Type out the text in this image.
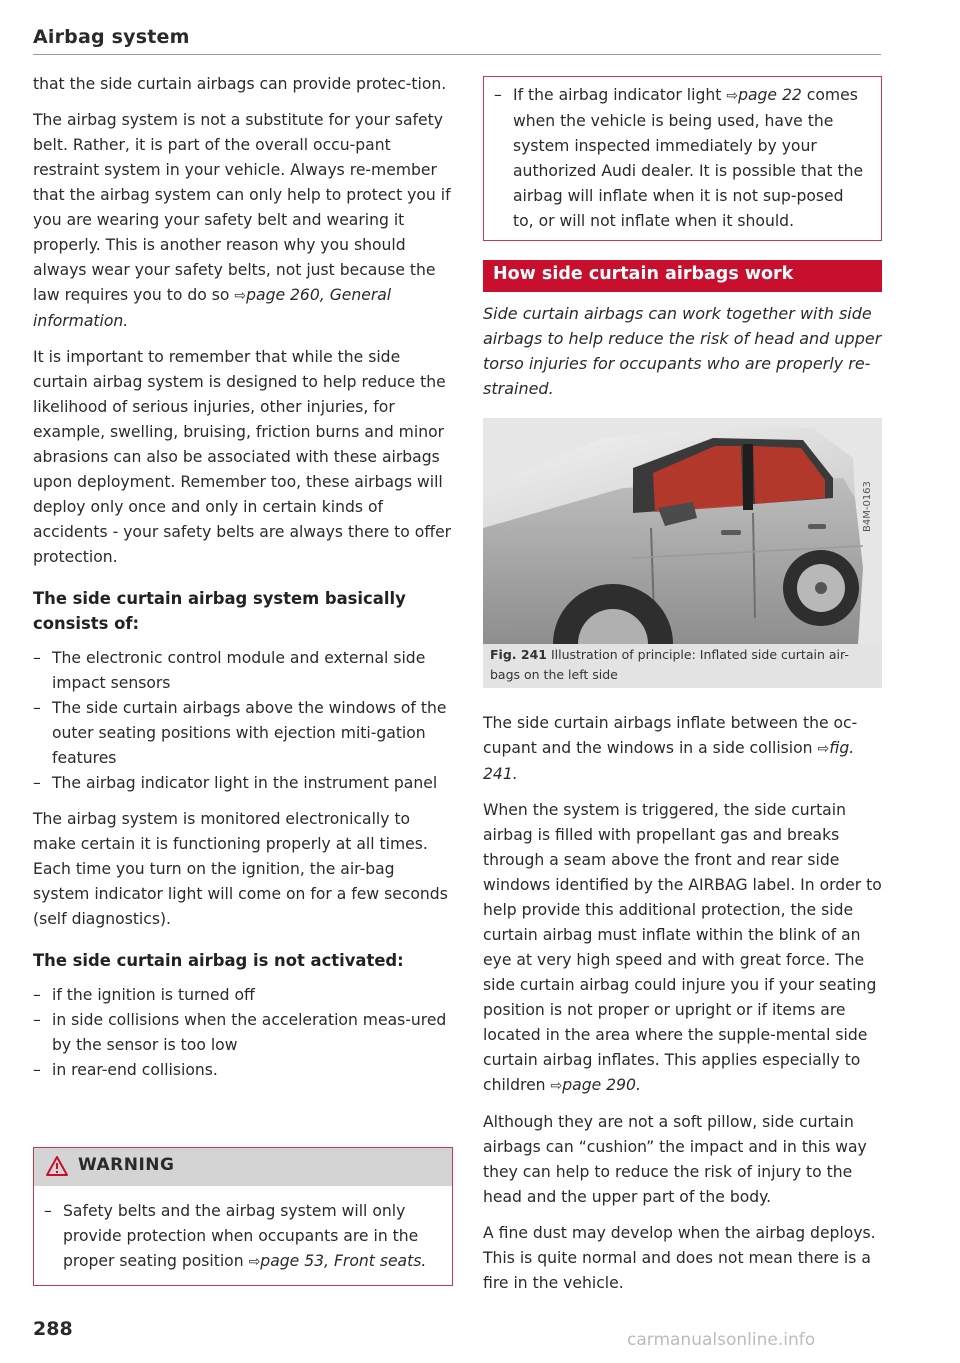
Airbag system

that the side curtain airbags can provide protec-tion.

The airbag system is not a substitute for your safety belt. Rather, it is part of the overall occu-pant restraint system in your vehicle. Always re-member that the airbag system can only help to protect you if you are wearing your safety belt and wearing it properly. This is another reason why you should always wear your safety belts, not just because the law requires you to do so ⇨page 260, General information.

It is important to remember that while the side curtain airbag system is designed to help reduce the likelihood of serious injuries, other injuries, for example, swelling, bruising, friction burns and minor abrasions can also be associated with these airbags upon deployment. Remember too, these airbags will deploy only once and only in certain kinds of accidents - your safety belts are always there to offer protection.

The side curtain airbag system basically consists of:
– The electronic control module and external side impact sensors
– The side curtain airbags above the windows of the outer seating positions with ejection miti-gation features
– The airbag indicator light in the instrument panel

The airbag system is monitored electronically to make certain it is functioning properly at all times. Each time you turn on the ignition, the air-bag system indicator light will come on for a few seconds (self diagnostics).

The side curtain airbag is not activated:
– if the ignition is turned off
– in side collisions when the acceleration meas-ured by the sensor is too low
– in rear-end collisions.
WARNING
– Safety belts and the airbag system will only provide protection when occupants are in the proper seating position ⇨page 53, Front seats.
– If the airbag indicator light ⇨page 22 comes when the vehicle is being used, have the system inspected immediately by your authorized Audi dealer. It is possible that the airbag will inflate when it is not sup-posed to, or will not inflate when it should.
How side curtain airbags work

Side curtain airbags can work together with side airbags to help reduce the risk of head and upper torso injuries for occupants who are properly re-strained.

B4M-0163
Fig. 241 Illustration of principle: Inflated side curtain air-bags on the left side

The side curtain airbags inflate between the oc-cupant and the windows in a side collision ⇨fig. 241.

When the system is triggered, the side curtain airbag is filled with propellant gas and breaks through a seam above the front and rear side windows identified by the AIRBAG label. In order to help provide this additional protection, the side curtain airbag must inflate within the blink of an eye at very high speed and with great force. The side curtain airbag could injure you if your seating position is not proper or upright or if items are located in the area where the supple-mental side curtain airbag inflates. This applies especially to children ⇨page 290.

Although they are not a soft pillow, side curtain airbags can “cushion” the impact and in this way they can help to reduce the risk of injury to the head and the upper part of the body.

A fine dust may develop when the airbag deploys. This is quite normal and does not mean there is a fire in the vehicle.

288	carmanualsonline.info
